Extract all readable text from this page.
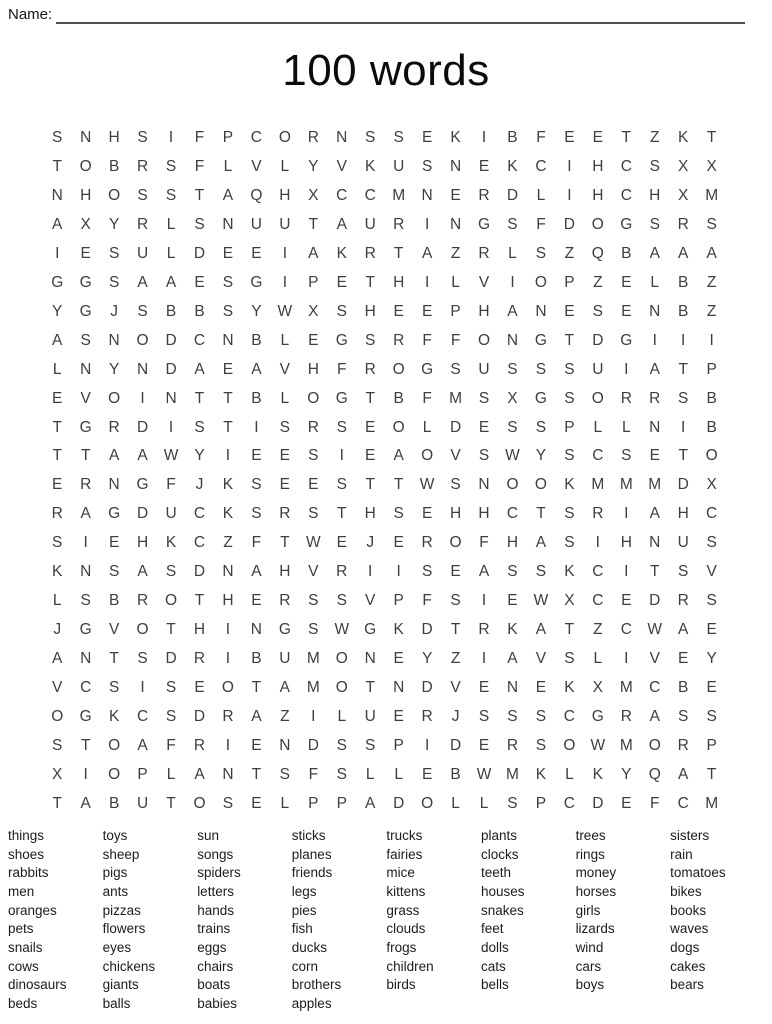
Name:
100 words
S	N	H	S	I	F	P	C	O	R	N	S	S	E	K	I	B	F	E	E	T	Z	K	T
T	O	B	R	S	F	L	V	L	Y	V	K	U	S	N	E	K	C	I	H	C	S	X	X
N	H	O	S	S	T	A	Q	H	X	C	C	M	N	E	R	D	L	I	H	C	H	X	M
A	X	Y	R	L	S	N	U	U	T	A	U	R	I	N	G	S	F	D	O	G	S	R	S
I	E	S	U	L	D	E	E	I	A	K	R	T	A	Z	R	L	S	Z	Q	B	A	A	A
G	G	S	A	A	E	S	G	I	P	E	T	H	I	L	V	I	O	P	Z	E	L	B	Z
Y	G	J	S	B	B	S	Y	W	X	S	H	E	E	P	H	A	N	E	S	E	N	B	Z
A	S	N	O	D	C	N	B	L	E	G	S	R	F	F	O	N	G	T	D	G	I	I	I
L	N	Y	N	D	A	E	A	V	H	F	R	O	G	S	U	S	S	S	U	I	A	T	P
E	V	O	I	N	T	T	B	L	O	G	T	B	F	M	S	X	G	S	O	R	R	S	B
T	G	R	D	I	S	T	I	S	R	S	E	O	L	D	E	S	S	P	L	L	N	I	B
T	T	A	A	W	Y	I	E	E	S	I	E	A	O	V	S	W	Y	S	C	S	E	T	O
E	R	N	G	F	J	K	S	E	E	S	T	T	W	S	N	O	O	K	M	M	M	D	X
R	A	G	D	U	C	K	S	R	S	T	H	S	E	H	H	C	T	S	R	I	A	H	C
S	I	E	H	K	C	Z	F	T	W	E	J	E	R	O	F	H	A	S	I	H	N	U	S
K	N	S	A	S	D	N	A	H	V	R	I	I	S	E	A	S	S	K	C	I	T	S	V
L	S	B	R	O	T	H	E	R	S	S	V	P	F	S	I	E	W	X	C	E	D	R	S
J	G	V	O	T	H	I	N	G	S	W G	K	D	T	R	K	A	T	Z	C	W	A	E
A	N	T	S	D	R	I	B	U	M	O	N	E	Y	Z	I	A	V	S	L	I	V	E	Y
V	C	S	I	S	E	O	T	A	M	O	T	N	D	V	E	N	E	K	X	M	C	B	E
O	G	K	C	S	D	R	A	Z	I	L	U	E	R	J	S	S	S	C	G	R	A	S	S
S	T	O	A	F	R	I	E	N	D	S	S	P	I	D	E	R	S	O W M	O	R	P
X	I	O	P	L	A	N	T	S	F	S	L	L	E	B	W M	K	L	K	Y	Q	A	T
T	A	B	U	T	O	S	E	L	P	P	A	D	O	L	L	S	P	C	D	E	F	C	M
things
shoes
rabbits
men
oranges
pets
snails
cows
dinosaurs
beds
toys
sheep
pigs
ants
pizzas
flowers
eyes
chickens
giants
balls
sun
songs
spiders
letters
hands
trains
eggs
chairs
boats
babies
sticks
planes
friends
legs
pies
fish
ducks
corn
brothers
apples
trucks
fairies
mice
kittens
grass
clouds
frogs
children
birds
plants
clocks
teeth
houses
snakes
feet
dolls
cats
bells
trees
rings
money
horses
girls
lizards
wind
cars
boys
sisters
rain
tomatoes
bikes
books
waves
dogs
cakes
bears
